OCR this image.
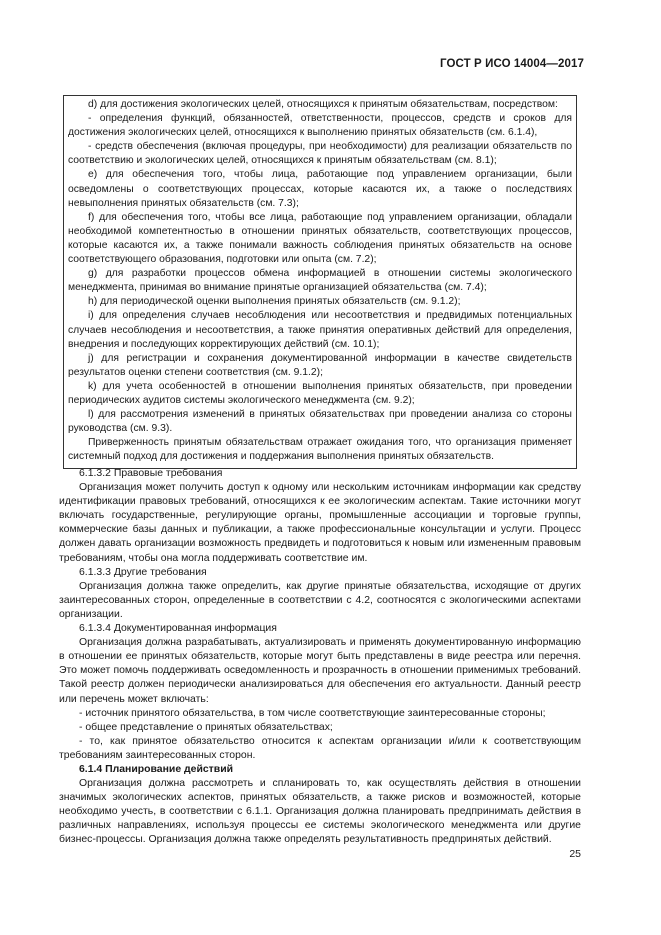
ГОСТ Р ИСО 14004—2017

d) для достижения экологических целей, относящихся к принятым обязательствам, посредством:

- определения функций, обязанностей, ответственности, процессов, средств и сроков для достижения экологических целей, относящихся к выполнению принятых обязательств (см. 6.1.4),

- средств обеспечения (включая процедуры, при необходимости) для реализации обязательств по соответствию и экологических целей, относящихся к принятым обязательствам (см. 8.1);

е) для обеспечения того, чтобы лица, работающие под управлением организации, были осведомлены о соответствующих процессах, которые касаются их, а также о последствиях невыполнения принятых обязательств (см. 7.3);

f) для обеспечения того, чтобы все лица, работающие под управлением организации, обладали необходимой компетентностью в отношении принятых обязательств, соответствующих процессов, которые касаются их, а также понимали важность соблюдения принятых обязательств на основе соответствующего образования, подготовки или опыта (см. 7.2);

g) для разработки процессов обмена информацией в отношении системы экологического менеджмента, принимая во внимание принятые организацией обязательства (см. 7.4);

h) для периодической оценки выполнения принятых обязательств (см. 9.1.2);

i) для определения случаев несоблюдения или несоответствия и предвидимых потенциальных случаев несоблюдения и несоответствия, а также принятия оперативных действий для определения, внедрения и последующих корректирующих действий (см. 10.1);

j) для регистрации и сохранения документированной информации в качестве свидетельств результатов оценки степени соответствия (см. 9.1.2);

k) для учета особенностей в отношении выполнения принятых обязательств, при проведении периодических аудитов системы экологического менеджмента (см. 9.2);

l) для рассмотрения изменений в принятых обязательствах при проведении анализа со стороны руководства (см. 9.3).

Приверженность принятым обязательствам отражает ожидания того, что организация применяет системный подход для достижения и поддержания выполнения принятых обязательств.

6.1.3.2 Правовые требования

Организация может получить доступ к одному или нескольким источникам информации как средству идентификации правовых требований, относящихся к ее экологическим аспектам. Такие источники могут включать государственные, регулирующие органы, промышленные ассоциации и торговые группы, коммерческие базы данных и публикации, а также профессиональные консультации и услуги. Процесс должен давать организации возможность предвидеть и подготовиться к новым или измененным правовым требованиям, чтобы она могла поддерживать соответствие им.

6.1.3.3 Другие требования

Организация должна также определить, как другие принятые обязательства, исходящие от других заинтересованных сторон, определенные в соответствии с 4.2, соотносятся с экологическими аспектами организации.

6.1.3.4 Документированная информация

Организация должна разрабатывать, актуализировать и применять документированную информацию в отношении ее принятых обязательств, которые могут быть представлены в виде реестра или перечня. Это может помочь поддерживать осведомленность и прозрачность в отношении применимых требований. Такой реестр должен периодически анализироваться для обеспечения его актуальности. Данный реестр или перечень может включать:

- источник принятого обязательства, в том числе соответствующие заинтересованные стороны;

- общее представление о принятых обязательствах;

- то, как принятое обязательство относится к аспектам организации и/или к соответствующим требованиям заинтересованных сторон.

6.1.4 Планирование действий

Организация должна рассмотреть и спланировать то, как осуществлять действия в отношении значимых экологических аспектов, принятых обязательств, а также рисков и возможностей, которые необходимо учесть, в соответствии с 6.1.1. Организация должна планировать предпринимать действия в различных направлениях, используя процессы ее системы экологического менеджмента или другие бизнес-процессы. Организация должна также определять результативность предпринятых действий.

25
